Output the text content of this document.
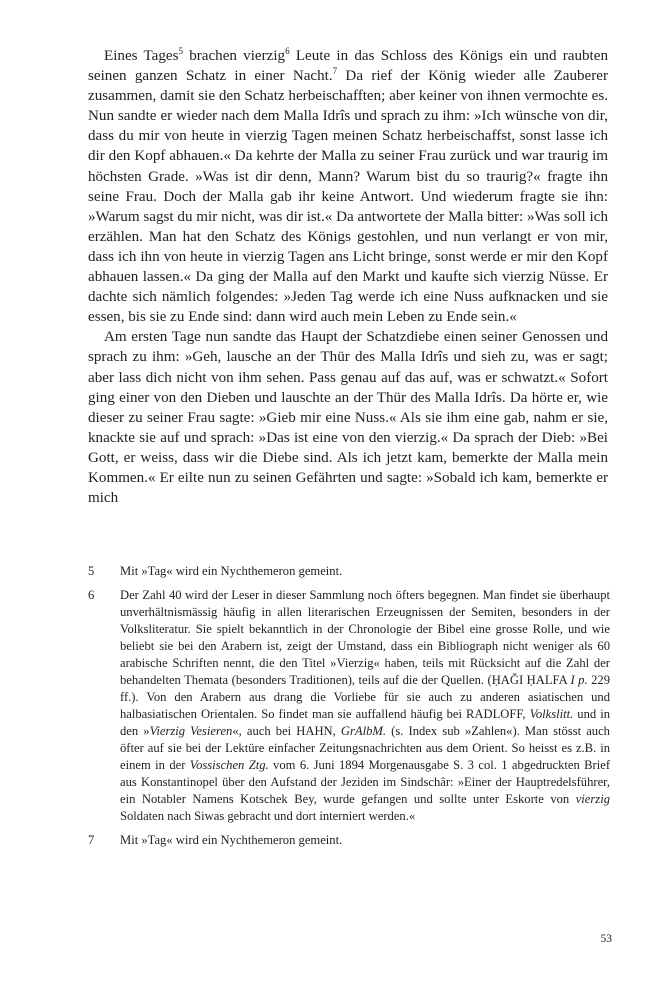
Eines Tages$^5$ brachen vierzig$^6$ Leute in das Schloss des Königs ein und raubten seinen ganzen Schatz in einer Nacht.$^7$ Da rief der König wieder alle Zauberer zusammen, damit sie den Schatz herbeischafften; aber keiner von ihnen vermochte es. Nun sandte er wieder nach dem Malla Idrîs und sprach zu ihm: »Ich wünsche von dir, dass du mir von heute in vierzig Tagen meinen Schatz herbeischaffst, sonst lasse ich dir den Kopf abhauen.« Da kehrte der Malla zu seiner Frau zurück und war traurig im höchsten Grade. »Was ist dir denn, Mann? Warum bist du so traurig?« fragte ihn seine Frau. Doch der Malla gab ihr keine Antwort. Und wiederum fragte sie ihn: »Warum sagst du mir nicht, was dir ist.« Da antwortete der Malla bitter: »Was soll ich erzählen. Man hat den Schatz des Königs gestohlen, und nun verlangt er von mir, dass ich ihn von heute in vierzig Tagen ans Licht bringe, sonst werde er mir den Kopf abhauen lassen.« Da ging der Malla auf den Markt und kaufte sich vierzig Nüsse. Er dachte sich nämlich folgendes: »Jeden Tag werde ich eine Nuss aufknacken und sie essen, bis sie zu Ende sind: dann wird auch mein Leben zu Ende sein.«

Am ersten Tage nun sandte das Haupt der Schatzdiebe einen seiner Genossen und sprach zu ihm: »Geh, lausche an der Thür des Malla Idrîs und sieh zu, was er sagt; aber lass dich nicht von ihm sehen. Pass genau auf das auf, was er schwatzt.« Sofort ging einer von den Dieben und lauschte an der Thür des Malla Idrîs. Da hörte er, wie dieser zu seiner Frau sagte: »Gieb mir eine Nuss.« Als sie ihm eine gab, nahm er sie, knackte sie auf und sprach: »Das ist eine von den vierzig.« Da sprach der Dieb: »Bei Gott, er weiss, dass wir die Diebe sind. Als ich jetzt kam, bemerkte der Malla mein Kommen.« Er eilte nun zu seinen Gefährten und sagte: »Sobald ich kam, bemerkte er mich

5	Mit »Tag« wird ein Nychthemeron gemeint.
6	Der Zahl 40 wird der Leser in dieser Sammlung noch öfters begegnen. Man findet sie überhaupt unverhältnismässig häufig in allen literarischen Erzeugnissen der Semiten, besonders in der Volksliteratur. Sie spielt bekanntlich in der Chronologie der Bibel eine grosse Rolle, und wie beliebt sie bei den Arabern ist, zeigt der Umstand, dass ein Bibliograph nicht weniger als 60 arabische Schriften nennt, die den Titel »Vierzig« haben, teils mit Rücksicht auf die Zahl der behandelten Themata (besonders Traditionen), teils auf die der Quellen. (ḤAĞI ḤALFA I p. 229 ff.). Von den Arabern aus drang die Vorliebe für sie auch zu anderen asiatischen und halbasiatischen Orientalen. So findet man sie auffallend häufig bei RADLOFF, Volkslitt. und in den »Vierzig Vesieren«, auch bei HAHN, GrAlbM. (s. Index sub »Zahlen«). Man stösst auch öfter auf sie bei der Lektüre einfacher Zeitungsnachrichten aus dem Orient. So heisst es z.B. in einem in der Vossischen Ztg. vom 6. Juni 1894 Morgenausgabe S. 3 col. 1 abgedruckten Brief aus Konstantinopel über den Aufstand der Jeziden im Sindschâr: »Einer der Hauptredelsführer, ein Notabler Namens Kotschek Bey, wurde gefangen und sollte unter Eskorte von vierzig Soldaten nach Siwas gebracht und dort interniert werden.«
7	Mit »Tag« wird ein Nychthemeron gemeint.
53
